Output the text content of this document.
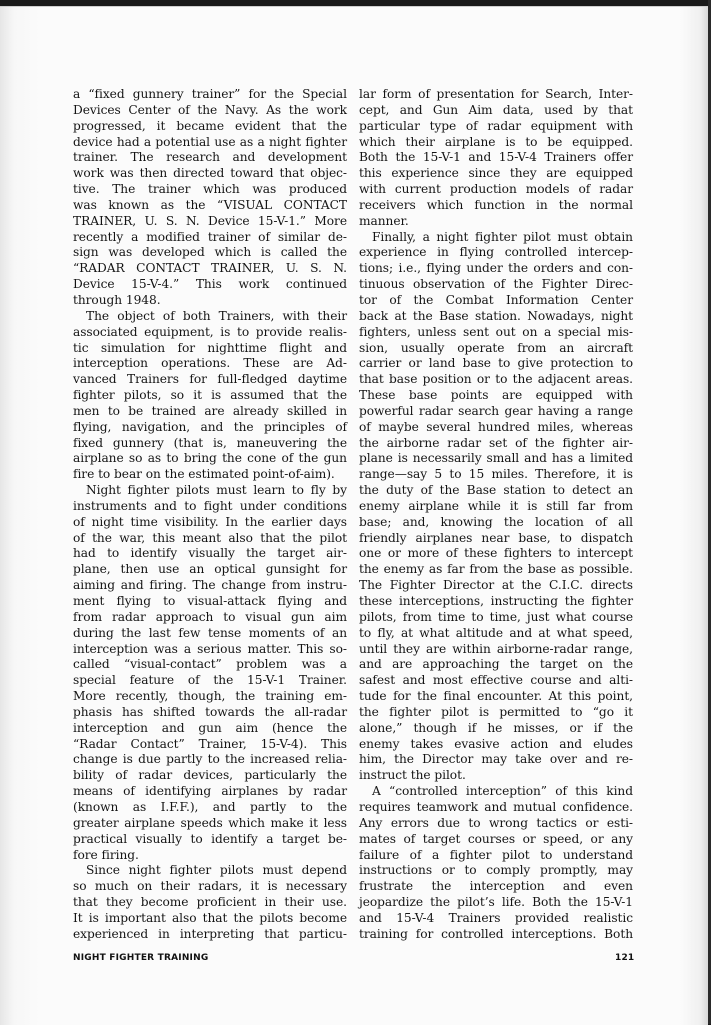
a “fixed gunnery trainer” for the Special
Devices Center of the Navy. As the work
progressed, it became evident that the
device had a potential use as a night fighter
trainer. The research and development
work was then directed toward that objec-
tive. The trainer which was produced
was known as the “VISUAL CONTACT
TRAINER, U. S. N. Device 15-V-1.” More
recently a modified trainer of similar de-
sign was developed which is called the
“RADAR CONTACT TRAINER, U. S. N.
Device 15-V-4.” This work continued
through 1948.
The object of both Trainers, with their
associated equipment, is to provide realis-
tic simulation for nighttime flight and
interception operations. These are Ad-
vanced Trainers for full-fledged daytime
fighter pilots, so it is assumed that the
men to be trained are already skilled in
flying, navigation, and the principles of
fixed gunnery (that is, maneuvering the
airplane so as to bring the cone of the gun
fire to bear on the estimated point-of-aim).
Night fighter pilots must learn to fly by
instruments and to fight under conditions
of night time visibility. In the earlier days
of the war, this meant also that the pilot
had to identify visually the target air-
plane, then use an optical gunsight for
aiming and firing. The change from instru-
ment flying to visual-attack flying and
from radar approach to visual gun aim
during the last few tense moments of an
interception was a serious matter. This so-
called “visual-contact” problem was a
special feature of the 15-V-1 Trainer.
More recently, though, the training em-
phasis has shifted towards the all-radar
interception and gun aim (hence the
“Radar Contact” Trainer, 15-V-4). This
change is due partly to the increased relia-
bility of radar devices, particularly the
means of identifying airplanes by radar
(known as I.F.F.), and partly to the
greater airplane speeds which make it less
practical visually to identify a target be-
fore firing.
Since night fighter pilots must depend
so much on their radars, it is necessary
that they become proficient in their use.
It is important also that the pilots become
experienced in interpreting that particu-
lar form of presentation for Search, Inter-
cept, and Gun Aim data, used by that
particular type of radar equipment with
which their airplane is to be equipped.
Both the 15-V-1 and 15-V-4 Trainers offer
this experience since they are equipped
with current production models of radar
receivers which function in the normal
manner.
Finally, a night fighter pilot must obtain
experience in flying controlled intercep-
tions; i.e., flying under the orders and con-
tinuous observation of the Fighter Direc-
tor of the Combat Information Center
back at the Base station. Nowadays, night
fighters, unless sent out on a special mis-
sion, usually operate from an aircraft
carrier or land base to give protection to
that base position or to the adjacent areas.
These base points are equipped with
powerful radar search gear having a range
of maybe several hundred miles, whereas
the airborne radar set of the fighter air-
plane is necessarily small and has a limited
range—say 5 to 15 miles. Therefore, it is
the duty of the Base station to detect an
enemy airplane while it is still far from
base; and, knowing the location of all
friendly airplanes near base, to dispatch
one or more of these fighters to intercept
the enemy as far from the base as possible.
The Fighter Director at the C.I.C. directs
these interceptions, instructing the fighter
pilots, from time to time, just what course
to fly, at what altitude and at what speed,
until they are within airborne-radar range,
and are approaching the target on the
safest and most effective course and alti-
tude for the final encounter. At this point,
the fighter pilot is permitted to “go it
alone,” though if he misses, or if the
enemy takes evasive action and eludes
him, the Director may take over and re-
instruct the pilot.
A “controlled interception” of this kind
requires teamwork and mutual confidence.
Any errors due to wrong tactics or esti-
mates of target courses or speed, or any
failure of a fighter pilot to understand
instructions or to comply promptly, may
frustrate the interception and even
jeopardize the pilot’s life. Both the 15-V-1
and 15-V-4 Trainers provided realistic
training for controlled interceptions. Both
NIGHT FIGHTER TRAINING	121
